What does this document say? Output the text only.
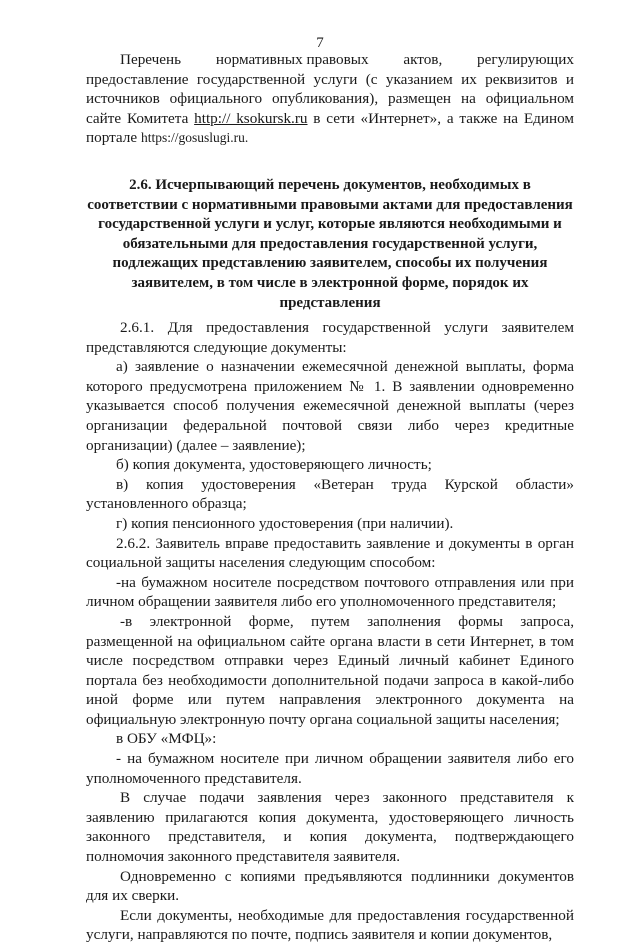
7
Перечень нормативных правовых актов, регулирующих

предоставление государственной услуги (с указанием их реквизитов и источников официального опубликования), размещен на официальном сайте Комитета http:// ksokursk.ru в сети «Интернет», а также на Едином портале https://gosuslugi.ru.

2.6. Исчерпывающий перечень документов, необходимых в соответствии с нормативными правовыми актами для предоставления государственной услуги и услуг, которые являются необходимыми и обязательными для предоставления государственной услуги, подлежащих представлению заявителем, способы их получения заявителем, в том числе в электронной форме, порядок их представления

2.6.1. Для предоставления государственной услуги заявителем представляются следующие документы:

а) заявление о назначении ежемесячной денежной выплаты, форма которого предусмотрена приложением № 1. В заявлении одновременно указывается способ получения ежемесячной денежной выплаты (через организации федеральной почтовой связи либо через кредитные организации) (далее – заявление);

б) копия документа, удостоверяющего личность;

в) копия удостоверения «Ветеран труда Курской области» установленного образца;

г) копия пенсионного удостоверения (при наличии).

2.6.2. Заявитель вправе предоставить заявление и документы в орган социальной защиты населения следующим способом:

-на бумажном носителе посредством почтового отправления или при личном обращении заявителя либо его уполномоченного представителя;

-в электронной форме, путем заполнения формы запроса, размещенной на официальном сайте органа власти в сети Интернет, в том числе посредством отправки через Единый личный кабинет Единого портала без необходимости дополнительной подачи запроса в какой-либо иной форме или путем направления электронного документа на официальную электронную почту органа социальной защиты населения;

в ОБУ «МФЦ»:

- на бумажном носителе при личном обращении заявителя либо его уполномоченного представителя.

В случае подачи заявления через законного представителя к заявлению прилагаются копия документа, удостоверяющего личность законного представителя, и копия документа, подтверждающего полномочия законного представителя заявителя.

Одновременно с копиями предъявляются подлинники документов для их сверки.

Если документы, необходимые для предоставления государственной услуги, направляются по почте, подпись заявителя и копии документов,
